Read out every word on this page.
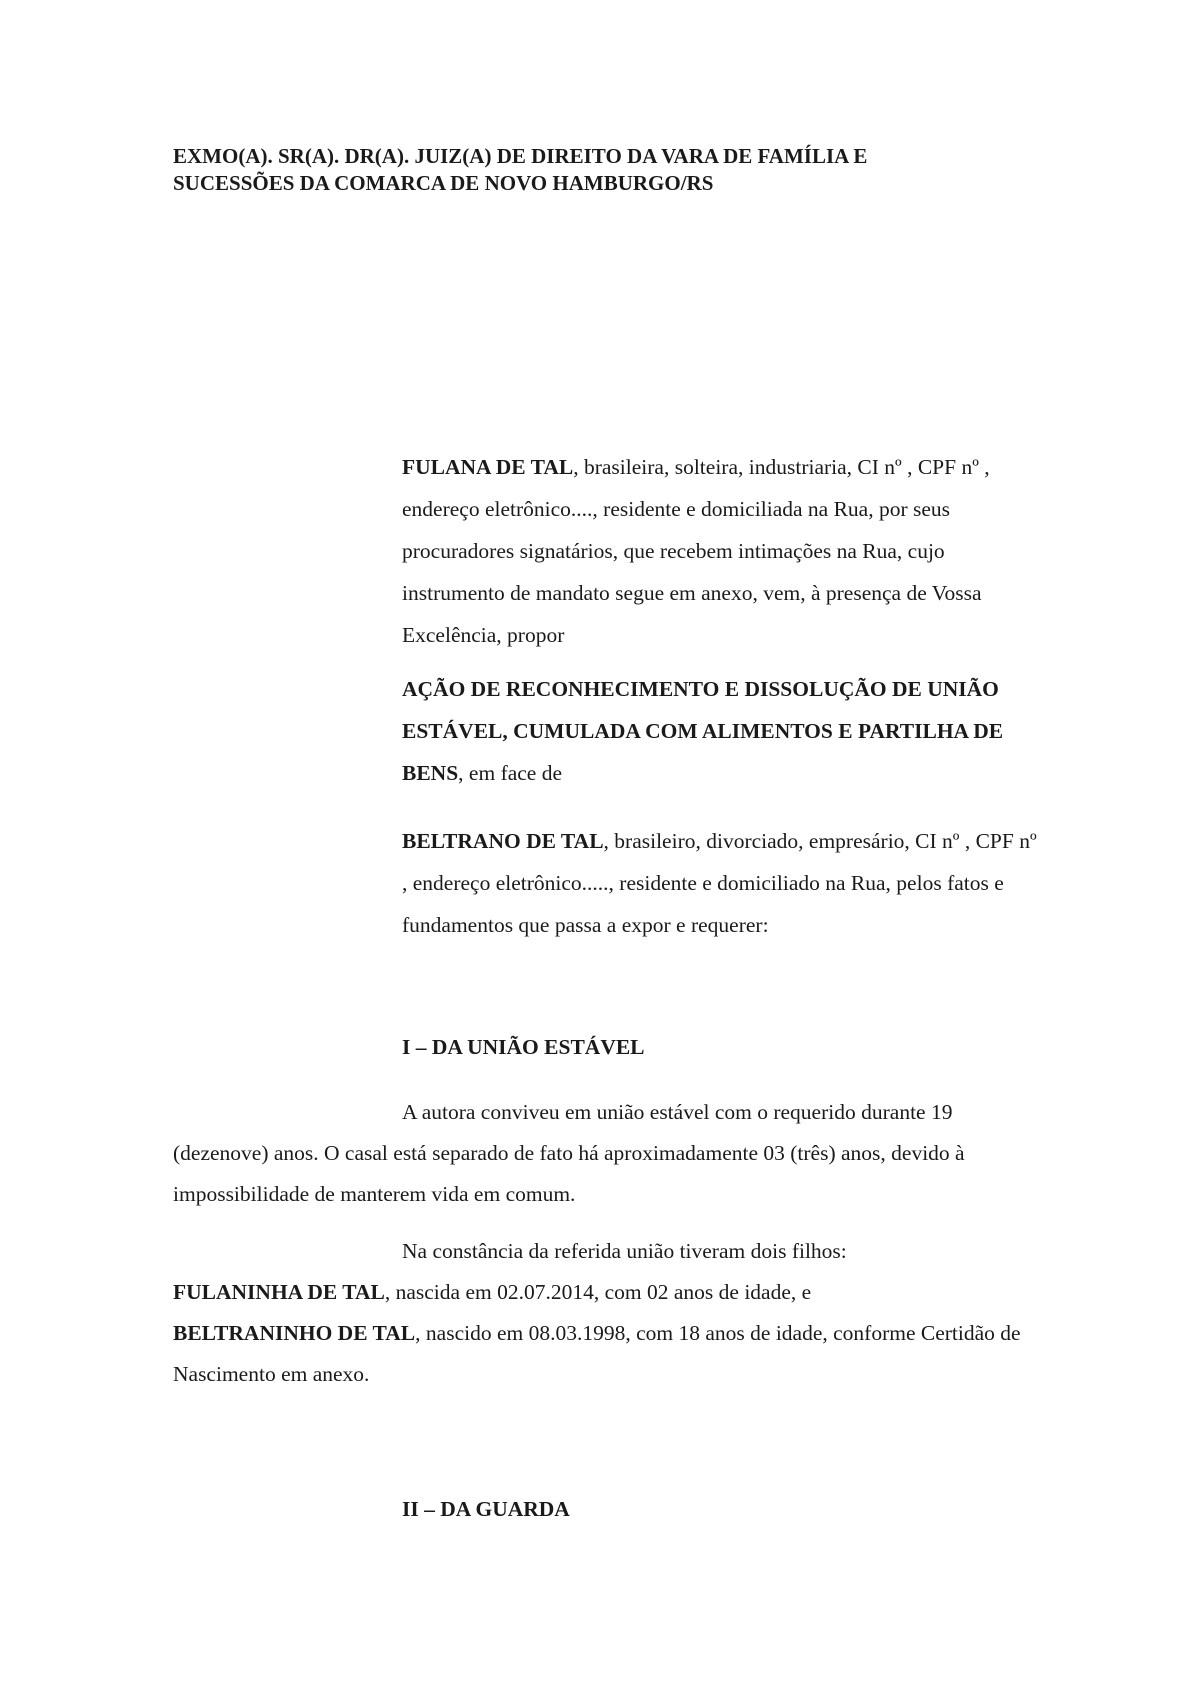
EXMO(A). SR(A). DR(A). JUIZ(A) DE DIREITO DA VARA DE FAMÍLIA E
SUCESSÕES DA COMARCA DE NOVO HAMBURGO/RS

FULANA DE TAL, brasileira, solteira, industriaria, CI nº , CPF nº , endereço eletrônico...., residente e domiciliada na Rua, por seus procuradores signatários, que recebem intimações na Rua, cujo instrumento de mandato segue em anexo, vem, à presença de Vossa Excelência, propor

AÇÃO DE RECONHECIMENTO E DISSOLUÇÃO DE UNIÃO ESTÁVEL, CUMULADA COM ALIMENTOS E PARTILHA DE BENS, em face de

BELTRANO DE TAL, brasileiro, divorciado, empresário, CI nº , CPF nº , endereço eletrônico....., residente e domiciliado na Rua, pelos fatos e fundamentos que passa a expor e requerer:

I – DA UNIÃO ESTÁVEL

A autora conviveu em união estável com o requerido durante 19 (dezenove) anos. O casal está separado de fato há aproximadamente 03 (três) anos, devido à impossibilidade de manterem vida em comum.

Na constância da referida união tiveram dois filhos:

FULANINHA DE TAL, nascida em 02.07.2014, com 02 anos de idade, e

BELTRANINHO DE TAL, nascido em 08.03.1998, com 18 anos de idade, conforme Certidão de Nascimento em anexo.

II – DA GUARDA
